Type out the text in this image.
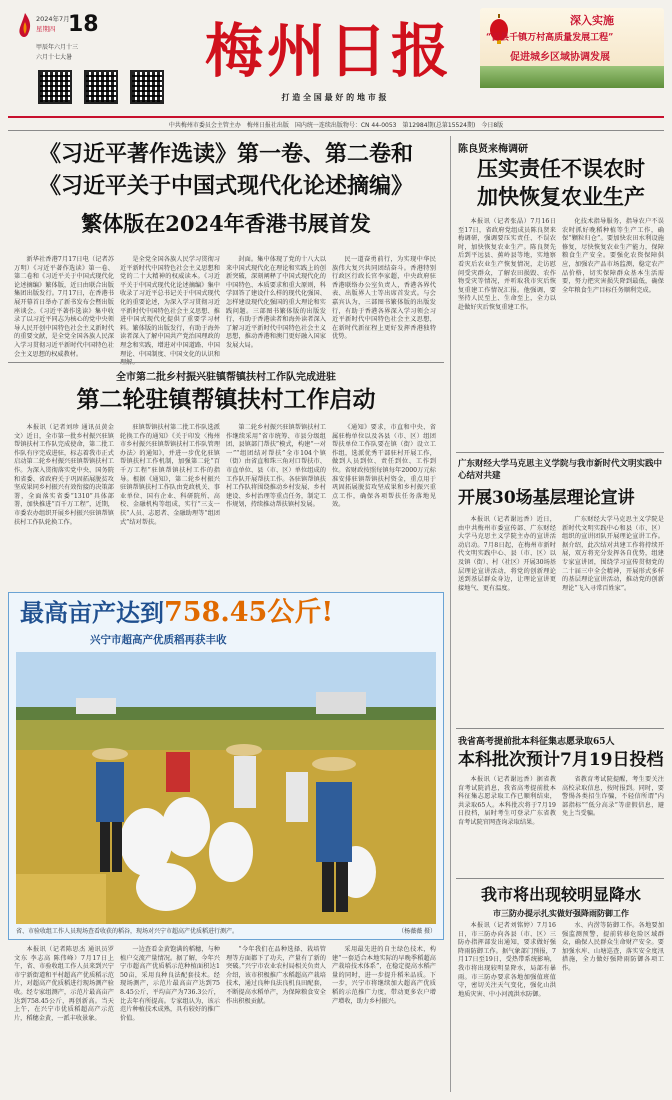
2024年7月
星期四 18
甲辰年六月十三
六月十七大暑	梅州日报
打 造 全 国 最 好 的 地 市 报
深入实施
“百县千镇万村高质量发展工程”
促进城乡区域协调发展
中共梅州市委员会主管主办　梅州日报社出版　国内统一连续出版物号：CN 44-0053　第12984期(总第15524期)　今日8版
《习近平著作选读》第一卷、第二卷和
《习近平关于中国式现代化论述摘编》
繁体版在2024年香港书展首发

新华社香港7月17日电（记者苏万明）《习近平著作选读》第一卷、第二卷和《习近平关于中国式现代化论述摘编》繁体版，近日由联合出版集团出版发行。7月17日，在香港书展开幕首日举办了新书发布会暨出版座谈会。《习近平著作选读》集中收录了以习近平同志为核心的党中央领导人民开创中国特色社会主义新时代的重要文献，是全党全国各族人民深入学习贯彻习近平新时代中国特色社会主义思想的权威教材。

是全党全国各族人民学习贯彻习近平新时代中国特色社会主义思想和党的二十大精神的权威读本。《习近平关于中国式现代化论述摘编》集中收录了习近平总书记关于中国式现代化的重要论述，为深入学习贯彻习近平新时代中国特色社会主义思想、推进中国式现代化提供了重要学习材料。繁体版的出版发行，有助于海外读者深入了解中国共产党治国理政的理念和实践，增进对中国道路、中国理论、中国制度、中国文化的认识和

封面。集中体现了党的十八大以来中国式现代化在理论和实践上的创新突破，深刻阐释了中国式现代化的中国特色、本质要求和重大原则，科学回答了建设什么样的现代化强国、怎样建设现代化强国的重大理论和实践问题。三部图书繁体版的出版发行，有助于香港读者和海外读者深入了解习近平新时代中国特色社会主义思想，推动香港和澳门更好融入国家发展大局。

民一道奋勇前行，为实现中华民族伟大复兴共同团结奋斗。香港特别行政区行政长官李家超，中央政府驻香港联络办公室负责人，香港各界代表、出版界人士等出席首发式。与会嘉宾认为，三部图书繁体版的出版发行，有助于香港各界深入学习领会习近平新时代中国特色社会主义思想，在新时代新征程上更好发挥香港独特优势。

全市第二批乡村振兴驻镇帮镇扶村工作队完成进驻
第二轮驻镇帮镇扶村工作启动

本报讯（记者刘珍 通讯员黄金文）近日，全市第一批乡村振兴驻镇帮镇扶村工作队完成使命，第二批工作队有序完成进驻，标志着我市正式启动第二轮乡村振兴驻镇帮镇扶村工作。为深入贯彻落实党中央、国务院和省委、省政府关于巩固拓展脱贫攻坚成果同乡村振兴有效衔接的决策部署，全面落实省委“1310”具体部署，加快推进“百千万工程”，近期，市委农办组织开展乡村振兴驻镇帮镇扶村工作队轮换工作。

驻镇帮镇扶村第二批工作队选派轮换工作的通知》《关于印发〈梅州市乡村振兴驻镇帮镇扶村工作队管理办法〉的通知》，并进一步优化驻镇帮镇扶村工作机制，加强第二轮“百千万工程”驻镇帮镇扶村工作的指导。根据《通知》，第二轮乡村振兴驻镇帮镇扶村工作队由党政机关、事业单位、国有企业、科研院所、高校、金融机构等组成，实行“三支一扶”人员、志愿者、金融助理等“组团式”结对帮扶。

第二轮乡村振兴驻镇帮镇扶村工作继续采用“省市统筹、市县分级组团、县镇部门帮扶”模式，构建“一对一”“组团结对帮扶”全市104个镇（街）由省直和珠三角对口帮扶市、市直单位、县（市、区）单位组成的工作队开展帮扶工作。各驻镇帮镇扶村工作队将围绕推动乡村发展、乡村建设、乡村治理等重点任务，制定工作规划，持续推动帮扶镇村发展。

《通知》要求，市直和中央、省属驻梅单位以及各县（市、区）组团帮扶单位工作队要在镇（街）设立工作组，选派优秀干部驻村开展工作，做到人员到位、责任到位、工作到位。省财政按照每镇每年2000万元标准安排驻镇帮镇扶村资金，重点用于巩固拓展脱贫攻坚成果和乡村振兴重点工作，确保各项帮扶任务落地见效。

最高亩产达到758.45公斤!
兴宁市超高产优质稻再获丰收
省、市验收组工作人员现场查看收获的稻谷，现场对兴宁市超高产优质稻进行测产。	（杨薇薇 摄）

本报讯（记者陈思杰 通讯员罗文东 李志高 陈伟峰）7月17日上午，省、市验收组工作人员来到兴宁市宁新街道和平村超高产优质稻示范片，对超高产优质稻进行现场测产验收。经专家组测产，示范片最高亩产达到758.45公斤，再创新高。当天上午，在兴宁市优质稻超高产示范片，稻穗金黄，一派丰收景象。

一边查看金黄饱满的稻穗，与种植户交流产量情况。据了解，今年兴宁市超高产优质稻示范种植面积达150亩，采用良种良法配套技术。经现场测产，示范片最高亩产达到758.45公斤，平均亩产为736.3公斤，比去年有所提高。专家组认为，该示范片种植技术成熟，具有较好的推广价值。

“今年我们在品种选择、栽培管理等方面都下了功夫，产量有了新的突破。”兴宁市农业农村局相关负责人介绍，该市积极推广水稻超高产栽培技术，通过良种良法良机良田配套，不断提高水稻单产，为保障粮食安全作出积极贡献。

采用最先进的自主绿色技术，构建“一套适合本地实际的早晚季稻超高产栽培技术体系”，在稳定提高水稻产量的同时，进一步提升稻米品质。下一步，兴宁市将继续加大超高产优质稻的示范推广力度，带动更多农户增产增收，助力乡村振兴。

陈良贤来梅调研
压实责任不误农时
加快恢复农业生产

本报讯（记者张晶）7月16日至17日，省政府党组成员陈良贤来梅调研，强调要压实责任、不误农时，加快恢复农业生产。陈良贤先后到平远县、蕉岭县等地，实地察看灾后农业生产恢复情况，走访慰问受灾群众，了解农田损毁、农作物受灾等情况，并听取我市灾后恢复重建工作情况汇报。他强调，要坚持人民至上、生命至上，全力以赴做好灾后恢复重建工作。

化技术指导服务，指导农户不误农时抓好晚稻种植等生产工作，确保“颗粒归仓”。要加快农田水利设施修复，尽快恢复农业生产能力，保障粮食生产安全。要强化农资保障供应，加强农产品市场监测，稳定农产品价格，切实保障群众基本生活需要，努力把灾害损失降到最低，确保全年粮食生产目标任务顺利完成。

广东财经大学马克思主义学院与我市新时代文明实践中心结对共建
开展30场基层理论宣讲

本报讯（记者谢远香）近日，由中共梅州市委宣传部、广东财经大学马克思主义学院主办的宣讲活动启动。7月8日起，在梅州市新时代文明实践中心、县（市、区）以及镇（街）、村（社区）开展30场基层理论宣讲活动，将党的创新理论送到基层群众身边，让理论宣讲更接地气、更有温度。

广东财经大学马克思主义学院是新时代文明实践中心和县（市、区）组织的宣讲团队开展理论宣讲工作。据介绍，此次结对共建工作将持续开展，双方将充分发挥各自优势，组建专家宣讲团，围绕学习宣传贯彻党的二十届三中全会精神，开展形式多样的基层理论宣讲活动，推动党的创新理论“飞入寻常百姓家”。

我省高考提前批本科征集志愿录取65人
本科批次预计7月19日投档

本报讯（记者谢远香）据省教育考试院消息，我省高考提前批本科征集志愿录取工作已顺利结束，共录取65人。本科批次将于7月19日投档，届时考生可登录广东省教育考试院官网查询录取结果。

省教育考试院提醒，考生要关注高校录取信息，按时报到。同时，要警惕各类招生诈骗，不轻信所谓“内部指标”“低分高录”等虚假信息，避免上当受骗。

我市将出现较明显降水
市三防办提示扎实做好强降雨防御工作

本报讯（记者刘铭婷）7月16日，市三防办向各县（市、区）三防办指挥部发出通知，要求做好强降雨防御工作。据气象部门预报，7月17日至19日，受热带系统影响，我市将出现较明显降水，局部有暴雨。市三防办要求各地加强值班值守，密切关注天气变化，强化山洪地质灾害、中小河流洪水防御。

水、内涝等防御工作。各地要加强监测预警，提前转移危险区域群众，确保人民群众生命财产安全。要加强水库、山塘巡查，落实安全度汛措施，全力做好强降雨防御各项工作。
